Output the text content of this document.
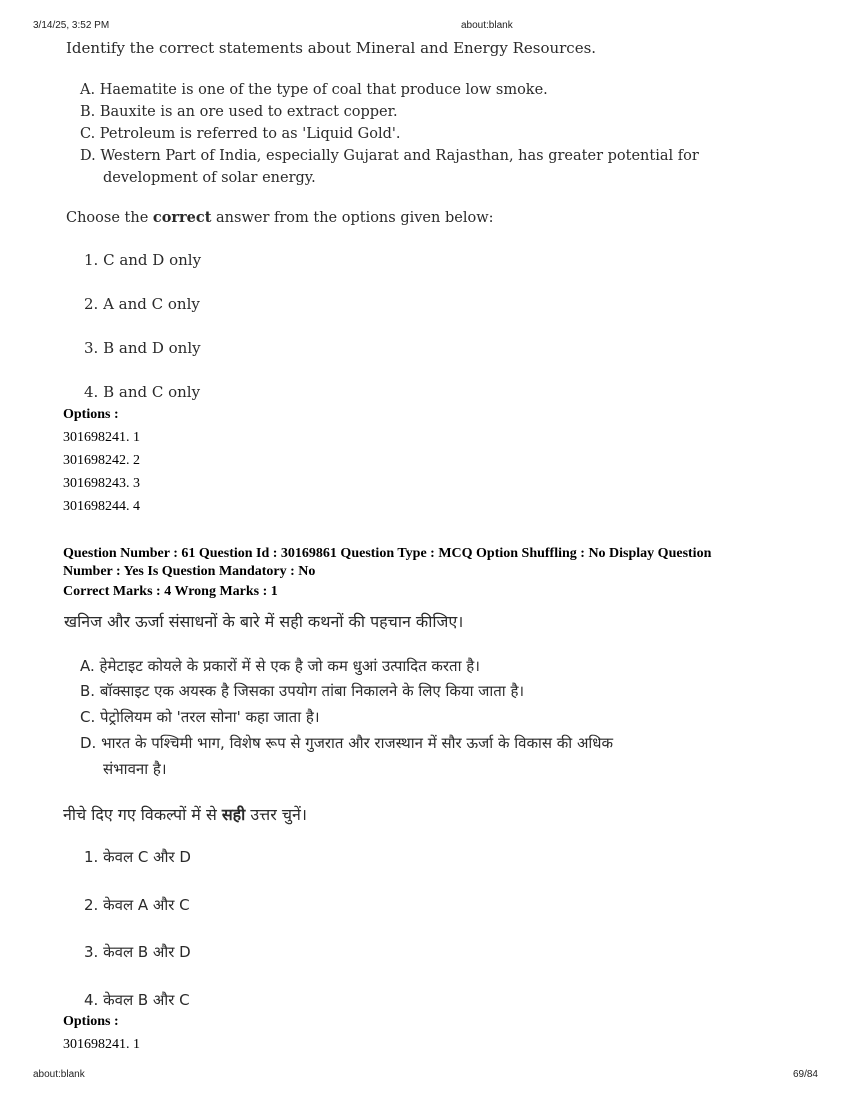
3/14/25, 3:52 PM	about:blank
Identify the correct statements about Mineral and Energy Resources.
A. Haematite is one of the type of coal that produce low smoke.
B. Bauxite is an ore used to extract copper.
C. Petroleum is referred to as 'Liquid Gold'.
D. Western Part of India, especially Gujarat and Rajasthan, has greater potential for
development of solar energy.
Choose the correct answer from the options given below:
1. C and D only
2. A and C only
3. B and D only
4. B and C only
Options :
301698241. 1
301698242. 2
301698243. 3
301698244. 4
Question Number : 61 Question Id : 30169861 Question Type : MCQ Option Shuffling : No Display Question
Number : Yes Is Question Mandatory : No
Correct Marks : 4 Wrong Marks : 1
खनिज और ऊर्जा संसाधनों के बारे में सही कथनों की पहचान कीजिए।
A. हेमेटाइट कोयले के प्रकारों में से एक है जो कम धुआं उत्पादित करता है।
B. बॉक्साइट एक अयस्क है जिसका उपयोग तांबा निकालने के लिए किया जाता है।
C. पेट्रोलियम को 'तरल सोना' कहा जाता है।
D. भारत के पश्चिमी भाग, विशेष रूप से गुजरात और राजस्थान में सौर ऊर्जा के विकास की अधिक
संभावना है।
नीचे दिए गए विकल्पों में से सही उत्तर चुनें।
1. केवल C और D
2. केवल A और C
3. केवल B और D
4. केवल B और C
Options :
301698241. 1
about:blank	69/84
